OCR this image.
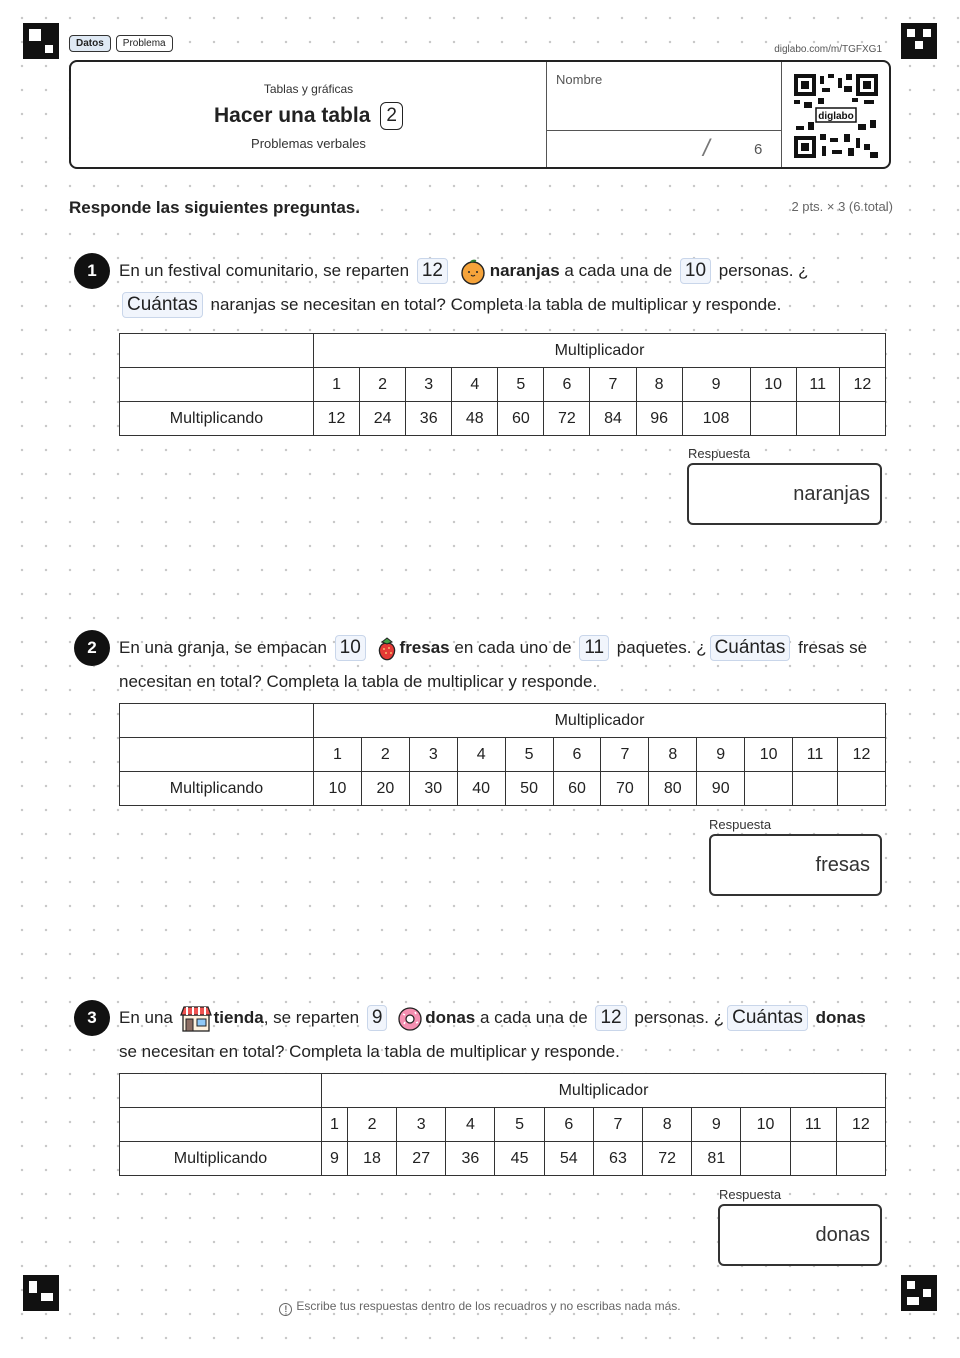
Datos	Problema
diglabo.com/m/TGFXG1
Tablas y gráficas
Hacer una tabla 2
Problemas verbales
Nombre
/	6
diglabo
Responde las siguientes preguntas.	2 pts. × 3 (6 total)
1	En un festival comunitario, se reparten 12	naranjas a cada una de 10 personas. ¿
Cuántas naranjas se necesitan en total? Completa la tabla de multiplicar y responde.
	Multiplicador											
	1	2	3	4	5	6	7	8	9	10	11	12
Multiplicando	12	24	36	48	60	72	84	96	108			
Respuesta
naranjas
2	En una granja, se empacan 10 fresas en cada uno de 11 paquetes. ¿ Cuántas fresas se necesitan en total? Completa la tabla de multiplicar y responde.
	Multiplicador											
	1	2	3	4	5	6	7	8	9	10	11	12
Multiplicando	10	20	30	40	50	60	70	80	90			
Respuesta
fresas
3	En una tienda, se reparten 9	donas a cada una de 12 personas. ¿ Cuántas donas se necesitan en total? Completa la tabla de multiplicar y responde.
	Multiplicador											
	1	2	3	4	5	6	7	8	9	10	11	12
Multiplicando	9	18	27	36	45	54	63	72	81			
Respuesta
donas
! Escribe tus respuestas dentro de los recuadros y no escribas nada más.
